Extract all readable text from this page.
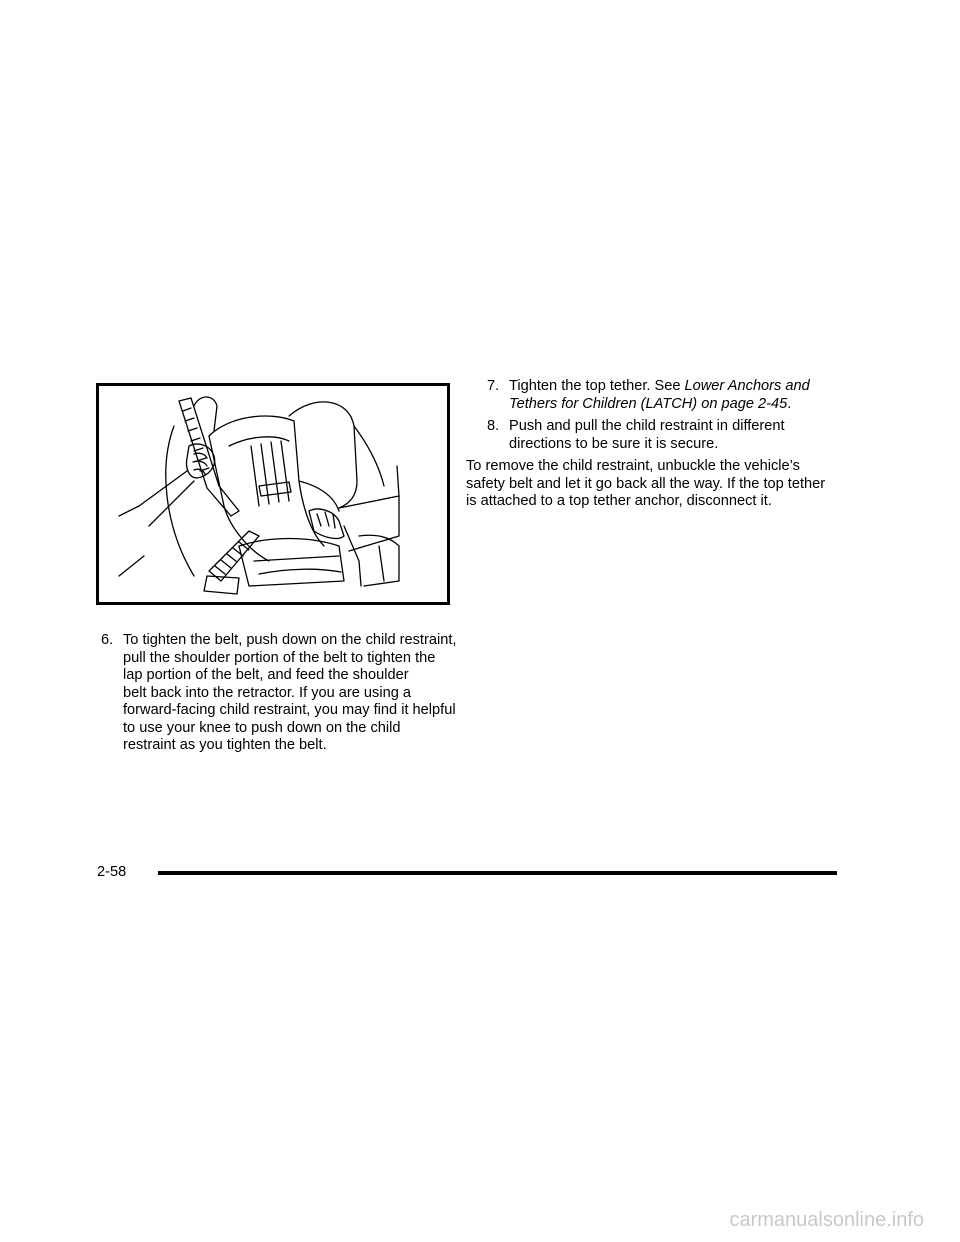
6. To tighten the belt, push down on the child restraint,
pull the shoulder portion of the belt to tighten the
lap portion of the belt, and feed the shoulder
belt back into the retractor. If you are using a
forward-facing child restraint, you may find it helpful
to use your knee to push down on the child
restraint as you tighten the belt.
7. Tighten the top tether. See Lower Anchors and
Tethers for Children (LATCH) on page 2-45.
8. Push and pull the child restraint in different
directions to be sure it is secure.
To remove the child restraint, unbuckle the vehicle’s
safety belt and let it go back all the way. If the top tether
is attached to a top tether anchor, disconnect it.
2-58
carmanualsonline.info
